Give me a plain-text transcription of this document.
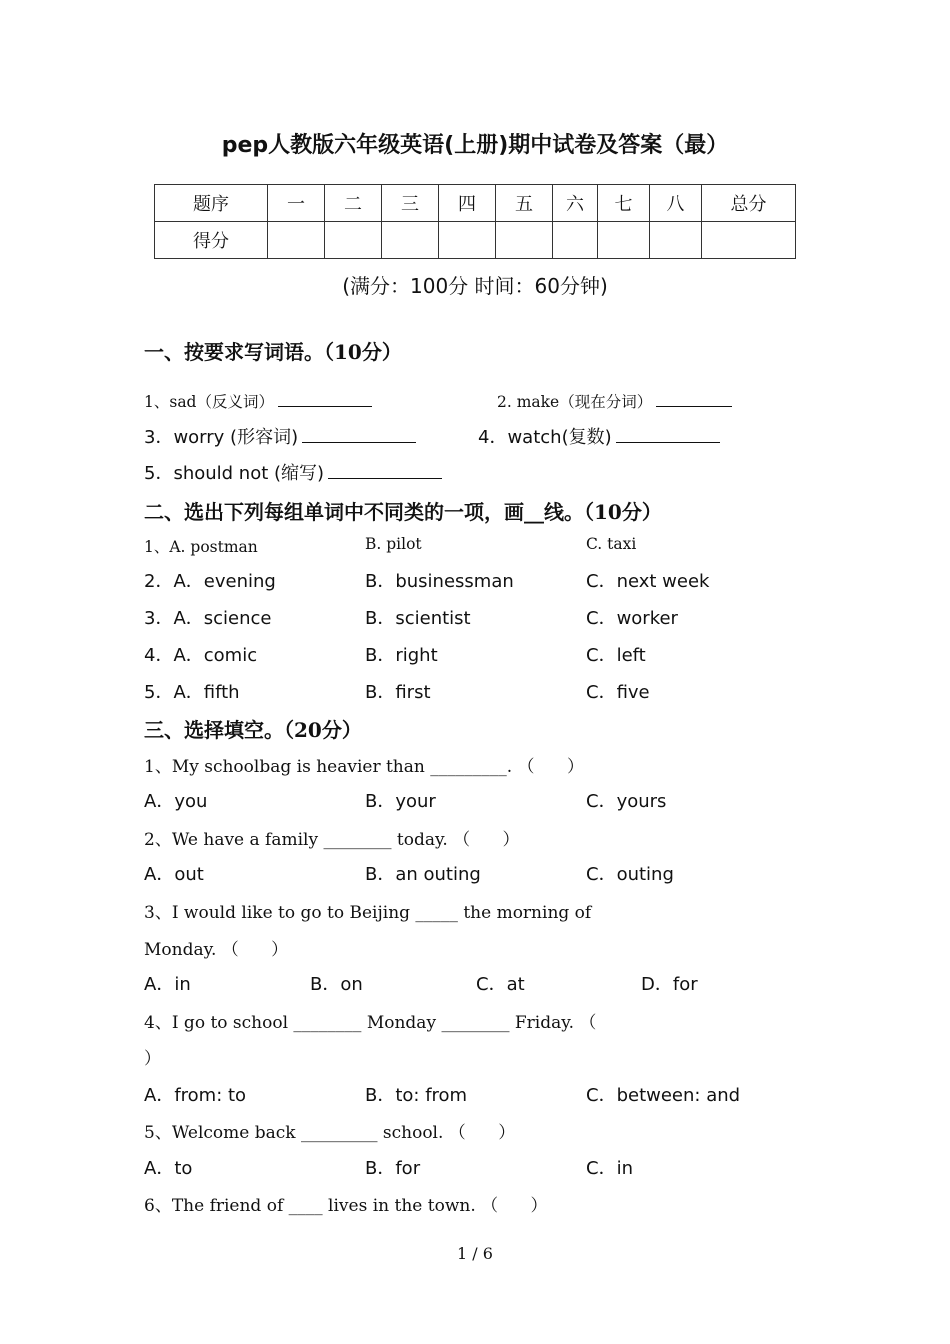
pep人教版六年级英语(上册)期中试卷及答案（最）
题序	一	二	三	四	五	六	七	八	总分
得分									
(满分：100分 时间：60分钟)
一、按要求写词语。（10分）
1、sad（反义词）	2. make（现在分词）
3．worry (形容词)	4．watch(复数)
5．should not (缩写)
二、选出下列每组单词中不同类的一项，画__线。（10分）
1、A. postman	B. pilot	C. taxi
2．A．evening	B．businessman	C．next week
3．A．science	B．scientist	C．worker
4．A．comic	B．right	C．left
5．A．fifth	B．first	C．five
三、选择填空。（20分）
1、My schoolbag is heavier than _________. （      ）
A．you	B．your	C．yours
2、We have a family ________ today. （      ）
A．out	B．an outing	C．outing
3、I would like to go to Beijing _____ the morning of
Monday. （      ）
A．in	B．on	C．at	D．for
4、I go to school ________ Monday ________ Friday. （
）
A．from: to	B．to: from	C．between: and
5、Welcome back _________ school. （      ）
A．to	B．for	C．in
6、The friend of ____ lives in the town. （      ）
1 / 6
